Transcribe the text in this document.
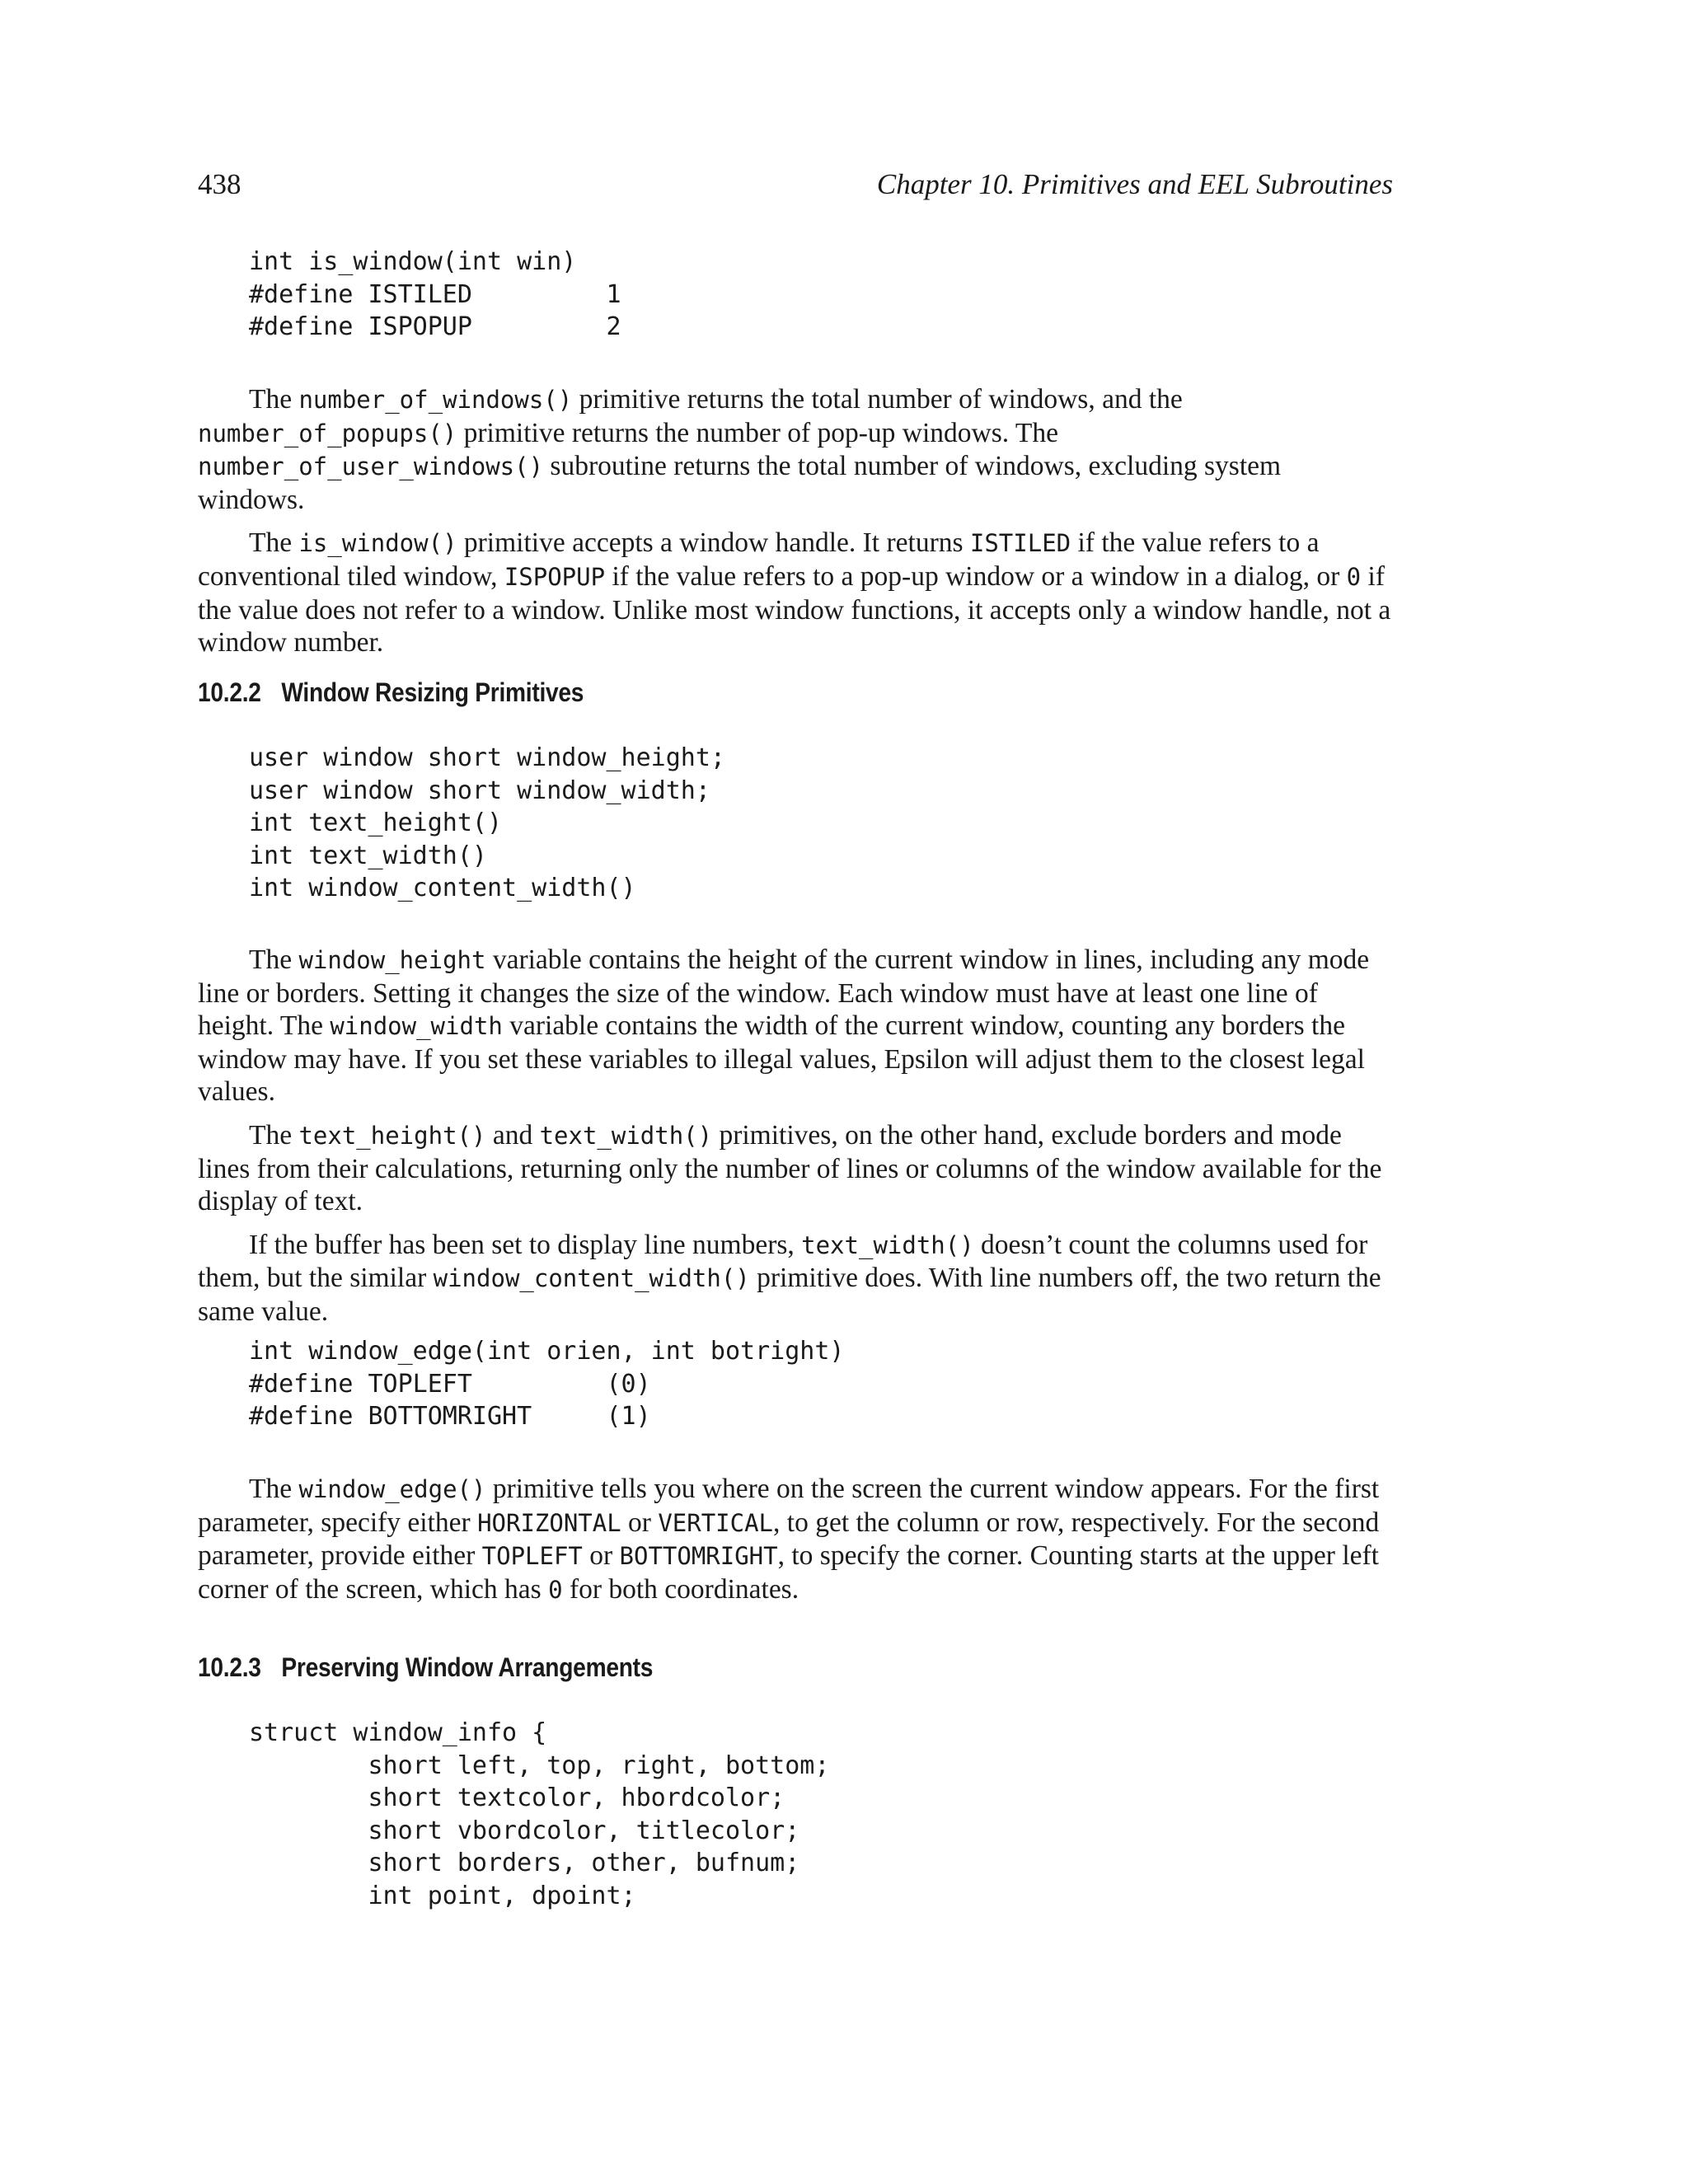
438	Chapter 10. Primitives and EEL Subroutines
int is_window(int win)
#define ISTILED         1
#define ISPOPUP         2

The number_of_windows() primitive returns the total number of windows, and the number_of_popups() primitive returns the number of pop-up windows. The number_of_user_windows() subroutine returns the total number of windows, excluding system windows.

The is_window() primitive accepts a window handle. It returns ISTILED if the value refers to a conventional tiled window, ISPOPUP if the value refers to a pop-up window or a window in a dialog, or 0 if the value does not refer to a window. Unlike most window functions, it accepts only a window handle, not a window number.

10.2.2 Window Resizing Primitives
user window short window_height;
user window short window_width;
int text_height()
int text_width()
int window_content_width()

The window_height variable contains the height of the current window in lines, including any mode line or borders. Setting it changes the size of the window. Each window must have at least one line of height. The window_width variable contains the width of the current window, counting any borders the window may have. If you set these variables to illegal values, Epsilon will adjust them to the closest legal values.

The text_height() and text_width() primitives, on the other hand, exclude borders and mode lines from their calculations, returning only the number of lines or columns of the window available for the display of text.

If the buffer has been set to display line numbers, text_width() doesn’t count the columns used for them, but the similar window_content_width() primitive does. With line numbers off, the two return the same value.

int window_edge(int orien, int botright)
#define TOPLEFT         (0)
#define BOTTOMRIGHT     (1)

The window_edge() primitive tells you where on the screen the current window appears. For the first parameter, specify either HORIZONTAL or VERTICAL, to get the column or row, respectively. For the second parameter, provide either TOPLEFT or BOTTOMRIGHT, to specify the corner. Counting starts at the upper left corner of the screen, which has 0 for both coordinates.

10.2.3 Preserving Window Arrangements
struct window_info {
short left, top, right, bottom;
short textcolor, hbordcolor;
short vbordcolor, titlecolor;
short borders, other, bufnum;
int point, dpoint;
